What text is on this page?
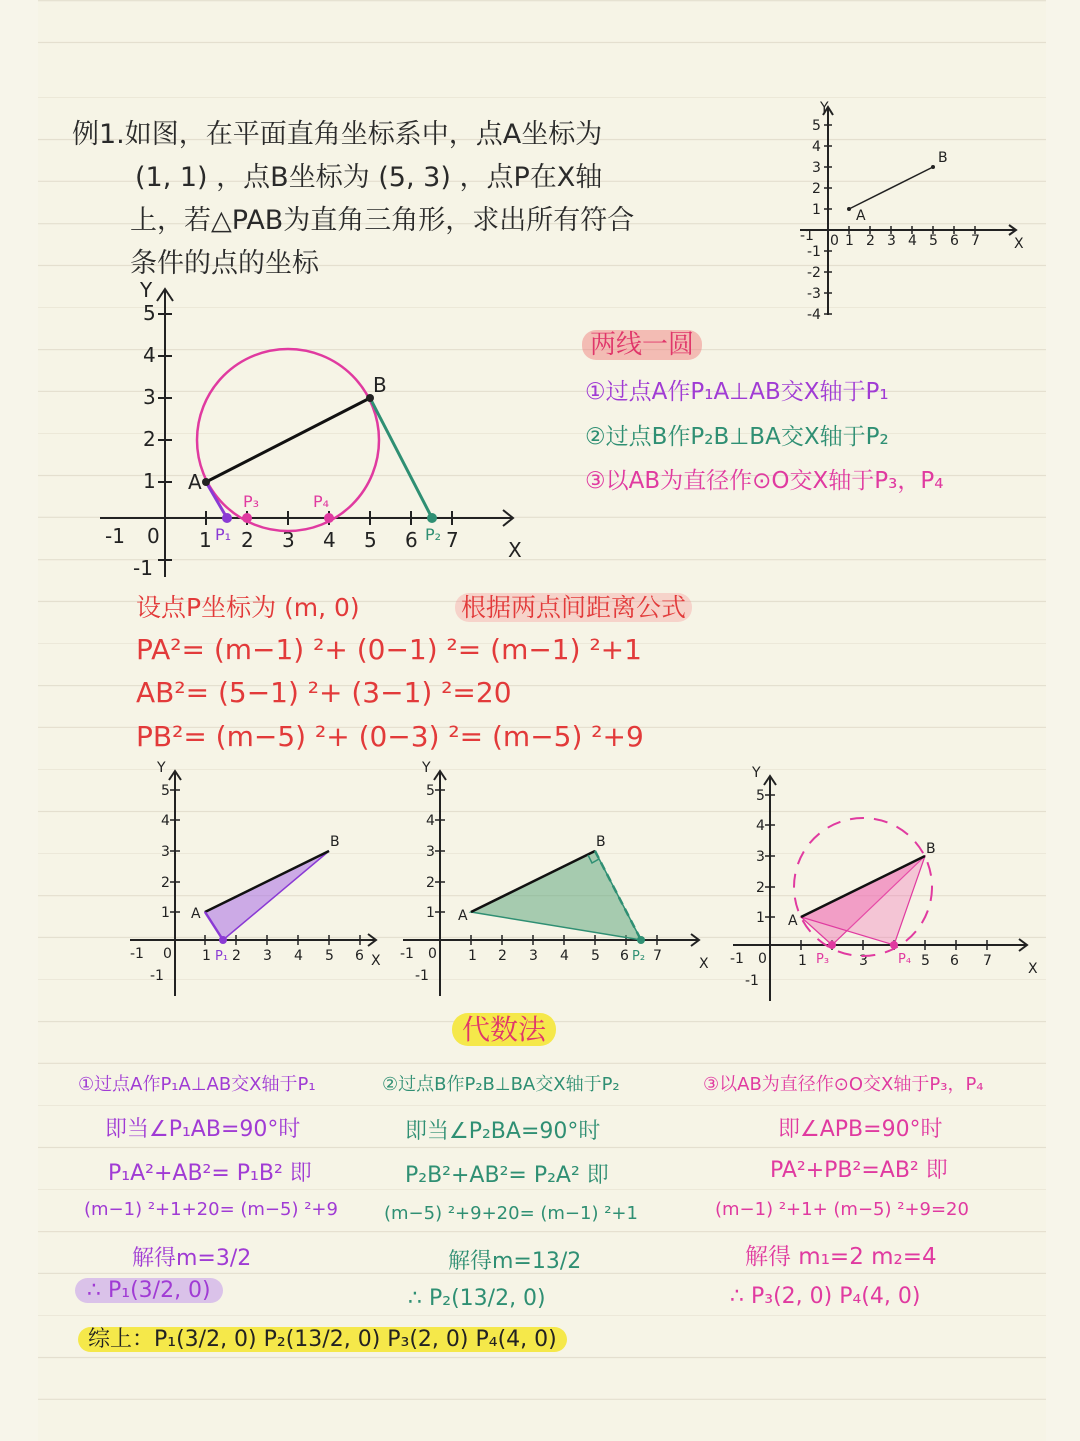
例1.如图，在平面直角坐标系中，点A坐标为
(1, 1) ，点B坐标为 (5, 3) ，点P在X轴
上，若△PAB为直角三角形，求出所有符合
条件的点的坐标
1 2 3 4 5 6 7
1
2
3
4
5
-1 0
-1
-2
-3
-4
X
Y
A
B
1 2 3 4 5 6 7
1
2
3
4
5
-1 0
-1
X
Y
A
B
P₁
P₃	P₄
P₂
两线一圆
①过点A作P₁A⊥AB交X轴于P₁
②过点B作P₂B⊥BA交X轴于P₂
③以AB为直径作⊙O交X轴于P₃，P₄
设点P坐标为 (m, 0)	根据两点间距离公式
PA²= (m−1) ²+ (0−1) ²= (m−1) ²+1
AB²= (5−1) ²+ (3−1) ²=20
PB²= (m−5) ²+ (0−3) ²= (m−5) ²+9
1 2 3 4 5 6
1
2
3
4
5
-1 0
-1
X
Y
A
B
P₁	1 2 3 4 5 6 7
1
2
3
4
5
-1 0
-1
X
Y
A
B
P₂	1	3	5 6 7
1
2
3
4
5
-1 0
-1
X
Y
A
B
P₃	P₄
代数法
①过点A作P₁A⊥AB交X轴于P₁
即当∠P₁AB=90°时
P₁A²+AB²= P₁B² 即
(m−1) ²+1+20= (m−5) ²+9
解得m=3/2
∴ P₁(3/2, 0)
②过点B作P₂B⊥BA交X轴于P₂
即当∠P₂BA=90°时
P₂B²+AB²= P₂A² 即
(m−5) ²+9+20= (m−1) ²+1
解得m=13/2
∴ P₂(13/2, 0)
③以AB为直径作⊙O交X轴于P₃，P₄
即∠APB=90°时
PA²+PB²=AB² 即
(m−1) ²+1+ (m−5) ²+9=20
解得 m₁=2 m₂=4
∴ P₃(2, 0) P₄(4, 0)
综上：P₁(3/2, 0) P₂(13/2, 0) P₃(2, 0) P₄(4, 0)
